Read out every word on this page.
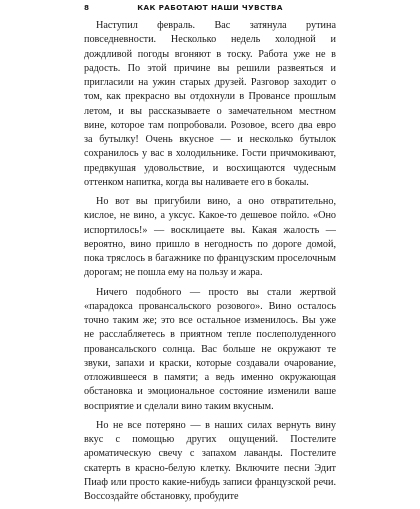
8	КАК РАБОТАЮТ НАШИ ЧУВСТВА

Наступил февраль. Вас затянула рутина повседневности. Несколько недель холодной и дождливой погоды вгоняют в тоску. Работа уже не в радость. По этой причине вы решили развеяться и пригласили на ужин старых друзей. Разговор заходит о том, как прекрасно вы отдохнули в Провансе прошлым летом, и вы рассказываете о замечательном местном вине, которое там попробовали. Розовое, всего два евро за бутылку! Очень вкусное — и несколько бутылок сохранилось у вас в холодильнике. Гости причмокивают, предвкушая удовольствие, и восхищаются чудесным оттенком напитка, когда вы наливаете его в бокалы.

Но вот вы пригубили вино, а оно отвратительно, кислое, не вино, а уксус. Какое-то дешевое пойло. «Оно испортилось!» — восклицаете вы. Какая жалость — вероятно, вино пришло в негодность по дороге домой, пока тряслось в багажнике по французским проселочным дорогам; не пошла ему на пользу и жара.

Ничего подобного — просто вы стали жертвой «парадокса провансальского розового». Вино осталось точно таким же; это все остальное изменилось. Вы уже не расслабляетесь в приятном тепле послеполуденного провансальского солнца. Вас больше не окружают те звуки, запахи и краски, которые создавали очарование, отложившееся в памяти; а ведь именно окружающая обстановка и эмоциональное состояние изменили ваше восприятие и сделали вино таким вкусным.

Но не все потеряно — в наших силах вернуть вину вкус с помощью других ощущений. Постелите ароматическую свечу с запахом лаванды. Постелите скатерть в красно-белую клетку. Включите песни Эдит Пиаф или просто какие-нибудь записи французской речи. Воссоздайте обстановку, пробудите
